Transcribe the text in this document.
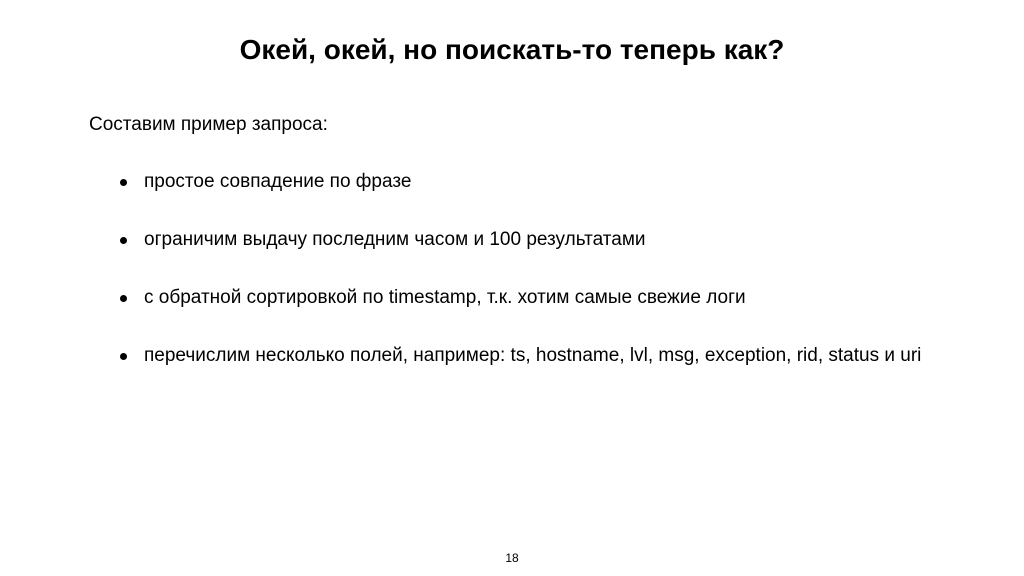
Окей, окей, но поискать-то теперь как?

Составим пример запроса:

простое совпадение по фразе
ограничим выдачу последним часом и 100 результатами
с обратной сортировкой по timestamp, т.к. хотим самые свежие логи
перечислим несколько полей, например: ts, hostname, lvl, msg, exception, rid, status и uri
18
